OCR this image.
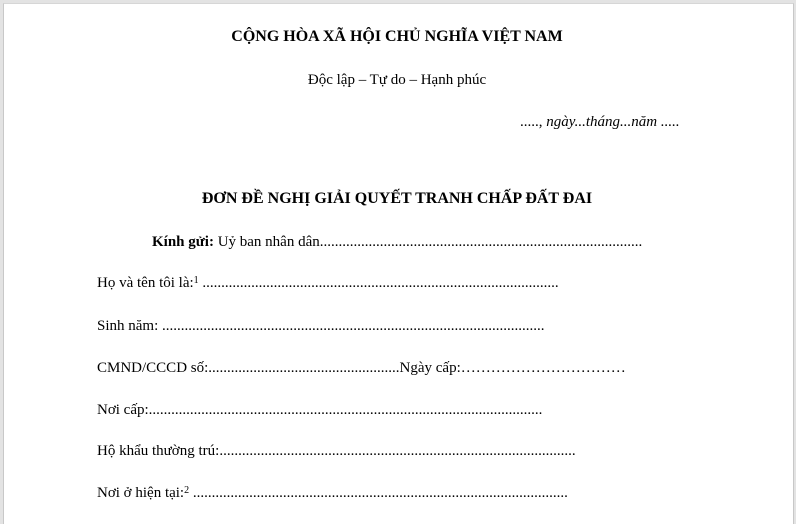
CỘNG HÒA XÃ HỘI CHỦ NGHĨA VIỆT NAM
Độc lập – Tự do – Hạnh phúc
....., ngày...tháng...năm .....
ĐƠN ĐỀ NGHỊ GIẢI QUYẾT TRANH CHẤP ĐẤT ĐAI
Kính gửi: Uỷ ban nhân dân......................................................................................
Họ và tên tôi là:$^1$ ...............................................................................................
Sinh năm: ......................................................................................................
CMND/CCCD số:...................................................Ngày cấp:……………………………
Nơi cấp:.........................................................................................................
Hộ khẩu thường trú:...............................................................................................
Nơi ở hiện tại:$^2$ ....................................................................................................
